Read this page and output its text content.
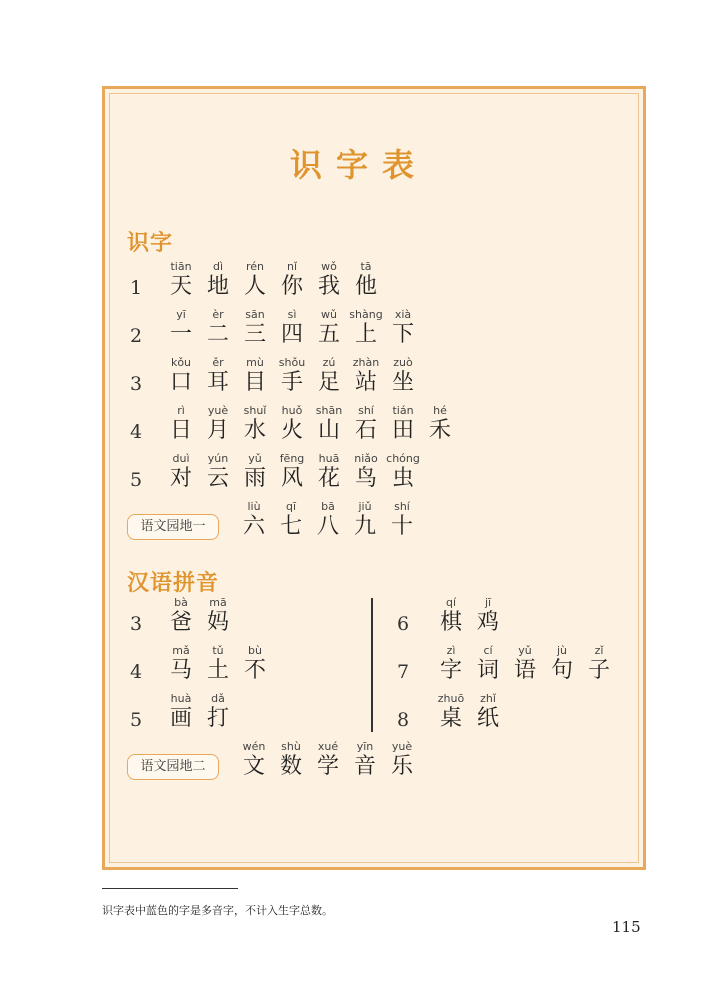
识字表
识字
汉语拼音
1
tiān
天
dì
地
rén
人
nǐ
你
wǒ
我
tā
他
2
yī
一
èr
二
sān
三
sì
四
wǔ
五
shàng
上
xià
下
3
kǒu
口
ěr
耳
mù
目
shǒu
手
zú
足
zhàn
站
zuò
坐
4
rì
日
yuè
月
shuǐ
水
huǒ
火
shān
山
shí
石
tián
田
hé
禾
5
duì
对
yún
云
yǔ
雨
fēng
风
huā
花
niǎo
鸟
chóng
虫
语文园地一
liù
六
qī
七
bā
八
jiǔ
九
shí
十
3
bà
爸
mā
妈
4
mǎ
马
tǔ
土
bù
不
5
huà
画
dǎ
打
6
qí
棋
jī
鸡
7
zì
字
cí
词
yǔ
语
jù
句
zǐ
子
8
zhuō
桌
zhǐ
纸
语文园地二
wén
文
shù
数
xué
学
yīn
音
yuè
乐
识字表中蓝色的字是多音字，不计入生字总数。
115
